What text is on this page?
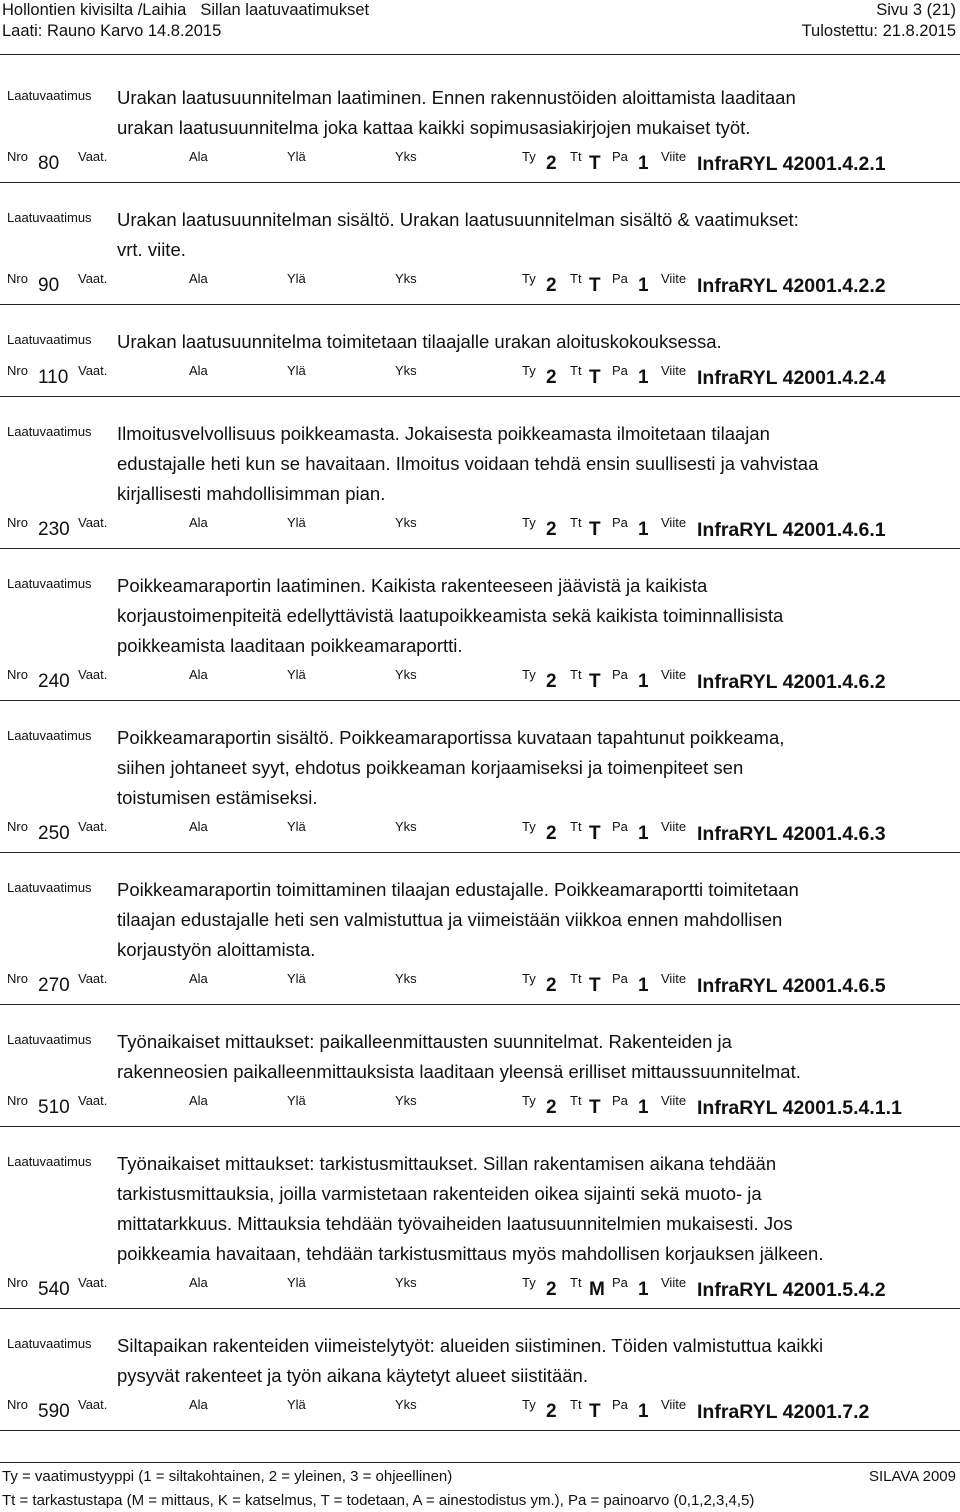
Hollontien kivisilta /Laihia Sillan laatuvaatimukset
Laati: Rauno Karvo 14.8.2015
Sivu 3 (21)
Tulostettu: 21.8.2015
Laatuvaatimus Urakan laatusuunnitelman laatiminen. Ennen rakennustöiden aloittamista laaditaan
urakan laatusuunnitelma joka kattaa kaikki sopimusasiakirjojen mukaiset työt.
Nro 80 Vaat.	Ala	Ylä	Yks	Ty 2 Tt T Pa 1 Viite InfraRYL 42001.4.2.1
Laatuvaatimus Urakan laatusuunnitelman sisältö. Urakan laatusuunnitelman sisältö & vaatimukset:
vrt. viite.
Nro 90 Vaat.	Ala	Ylä	Yks	Ty 2 Tt T Pa 1 Viite InfraRYL 42001.4.2.2
Laatuvaatimus Urakan laatusuunnitelma toimitetaan tilaajalle urakan aloituskokouksessa.
Nro 110 Vaat.	Ala	Ylä	Yks	Ty 2 Tt T Pa 1 Viite InfraRYL 42001.4.2.4
Laatuvaatimus Ilmoitusvelvollisuus poikkeamasta. Jokaisesta poikkeamasta ilmoitetaan tilaajan
edustajalle heti kun se havaitaan. Ilmoitus voidaan tehdä ensin suullisesti ja vahvistaa
kirjallisesti mahdollisimman pian.
Nro 230 Vaat.	Ala	Ylä	Yks	Ty 2 Tt T Pa 1 Viite InfraRYL 42001.4.6.1
Laatuvaatimus Poikkeamaraportin laatiminen. Kaikista rakenteeseen jäävistä ja kaikista
korjaustoimenpiteitä edellyttävistä laatupoikkeamista sekä kaikista toiminnallisista
poikkeamista laaditaan poikkeamaraportti.
Nro 240 Vaat.	Ala	Ylä	Yks	Ty 2 Tt T Pa 1 Viite InfraRYL 42001.4.6.2
Laatuvaatimus Poikkeamaraportin sisältö. Poikkeamaraportissa kuvataan tapahtunut poikkeama,
siihen johtaneet syyt, ehdotus poikkeaman korjaamiseksi ja toimenpiteet sen
toistumisen estämiseksi.
Nro 250 Vaat.	Ala	Ylä	Yks	Ty 2 Tt T Pa 1 Viite InfraRYL 42001.4.6.3
Laatuvaatimus Poikkeamaraportin toimittaminen tilaajan edustajalle. Poikkeamaraportti toimitetaan
tilaajan edustajalle heti sen valmistuttua ja viimeistään viikkoa ennen mahdollisen
korjaustyön aloittamista.
Nro 270 Vaat.	Ala	Ylä	Yks	Ty 2 Tt T Pa 1 Viite InfraRYL 42001.4.6.5
Laatuvaatimus Työnaikaiset mittaukset: paikalleenmittausten suunnitelmat. Rakenteiden ja
rakenneosien paikalleenmittauksista laaditaan yleensä erilliset mittaussuunnitelmat.
Nro 510 Vaat.	Ala	Ylä	Yks	Ty 2 Tt T Pa 1 Viite InfraRYL 42001.5.4.1.1
Laatuvaatimus Työnaikaiset mittaukset: tarkistusmittaukset. Sillan rakentamisen aikana tehdään
tarkistusmittauksia, joilla varmistetaan rakenteiden oikea sijainti sekä muoto- ja
mittatarkkuus. Mittauksia tehdään työvaiheiden laatusuunnitelmien mukaisesti. Jos
poikkeamia havaitaan, tehdään tarkistusmittaus myös mahdollisen korjauksen jälkeen.
Nro 540 Vaat.	Ala	Ylä	Yks	Ty 2 Tt M Pa 1 Viite InfraRYL 42001.5.4.2
Laatuvaatimus Siltapaikan rakenteiden viimeistelytyöt: alueiden siistiminen. Töiden valmistuttua kaikki
pysyvät rakenteet ja työn aikana käytetyt alueet siistitään.
Nro 590 Vaat.	Ala	Ylä	Yks	Ty 2 Tt T Pa 1 Viite InfraRYL 42001.7.2
Ty = vaatimustyyppi (1 = siltakohtainen, 2 = yleinen, 3 = ohjeellinen)	SILAVA 2009
Tt = tarkastustapa (M = mittaus, K = katselmus, T = todetaan, A = ainestodistus ym.), Pa = painoarvo (0,1,2,3,4,5)
